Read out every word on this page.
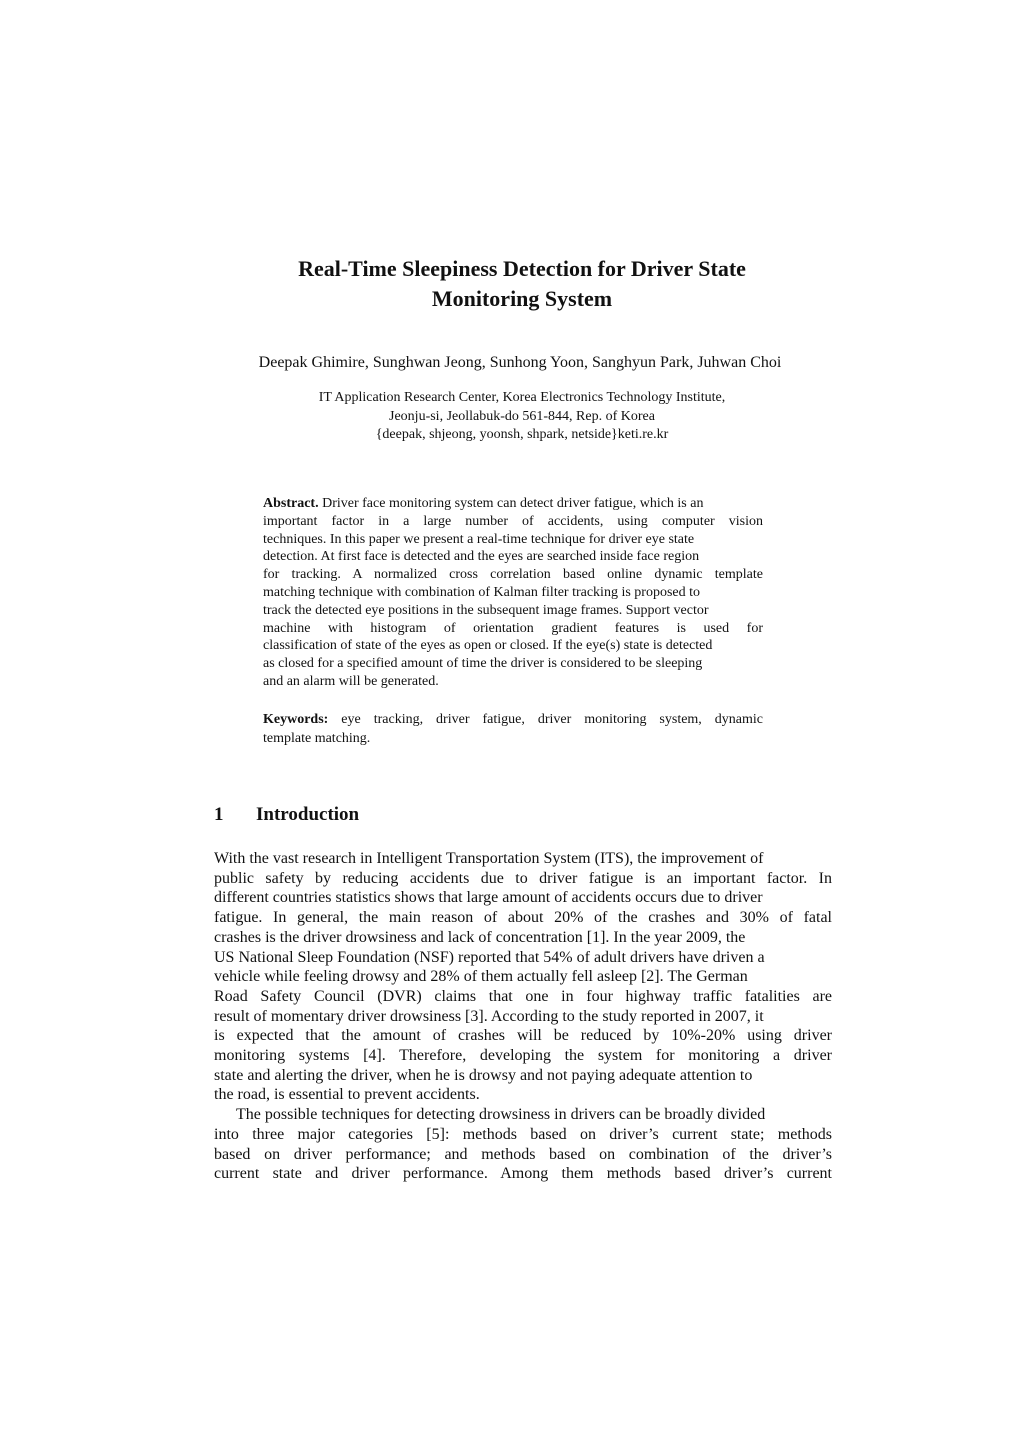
Real-Time Sleepiness Detection for Driver State
Monitoring System
Deepak Ghimire, Sunghwan Jeong, Sunhong Yoon, Sanghyun Park, Juhwan Choi
IT Application Research Center, Korea Electronics Technology Institute,
Jeonju-si, Jeollabuk-do 561-844, Rep. of Korea
{deepak, shjeong, yoonsh, shpark, netside}keti.re.kr
Abstract. Driver face monitoring system can detect driver fatigue, which is an
important factor in a large number of accidents, using computer vision
techniques. In this paper we present a real-time technique for driver eye state
detection. At first face is detected and the eyes are searched inside face region
for tracking. A normalized cross correlation based online dynamic template
matching technique with combination of Kalman filter tracking is proposed to
track the detected eye positions in the subsequent image frames. Support vector
machine with histogram of orientation gradient features is used for
classification of state of the eyes as open or closed. If the eye(s) state is detected
as closed for a specified amount of time the driver is considered to be sleeping
and an alarm will be generated.
Keywords: eye tracking, driver fatigue, driver monitoring system, dynamic
template matching.
1 Introduction
With the vast research in Intelligent Transportation System (ITS), the improvement of
public safety by reducing accidents due to driver fatigue is an important factor. In
different countries statistics shows that large amount of accidents occurs due to driver
fatigue. In general, the main reason of about 20% of the crashes and 30% of fatal
crashes is the driver drowsiness and lack of concentration [1]. In the year 2009, the
US National Sleep Foundation (NSF) reported that 54% of adult drivers have driven a
vehicle while feeling drowsy and 28% of them actually fell asleep [2]. The German
Road Safety Council (DVR) claims that one in four highway traffic fatalities are
result of momentary driver drowsiness [3]. According to the study reported in 2007, it
is expected that the amount of crashes will be reduced by 10%-20% using driver
monitoring systems [4]. Therefore, developing the system for monitoring a driver
state and alerting the driver, when he is drowsy and not paying adequate attention to
the road, is essential to prevent accidents.
The possible techniques for detecting drowsiness in drivers can be broadly divided
into three major categories [5]: methods based on driver’s current state; methods
based on driver performance; and methods based on combination of the driver’s
current state and driver performance. Among them methods based driver’s current
